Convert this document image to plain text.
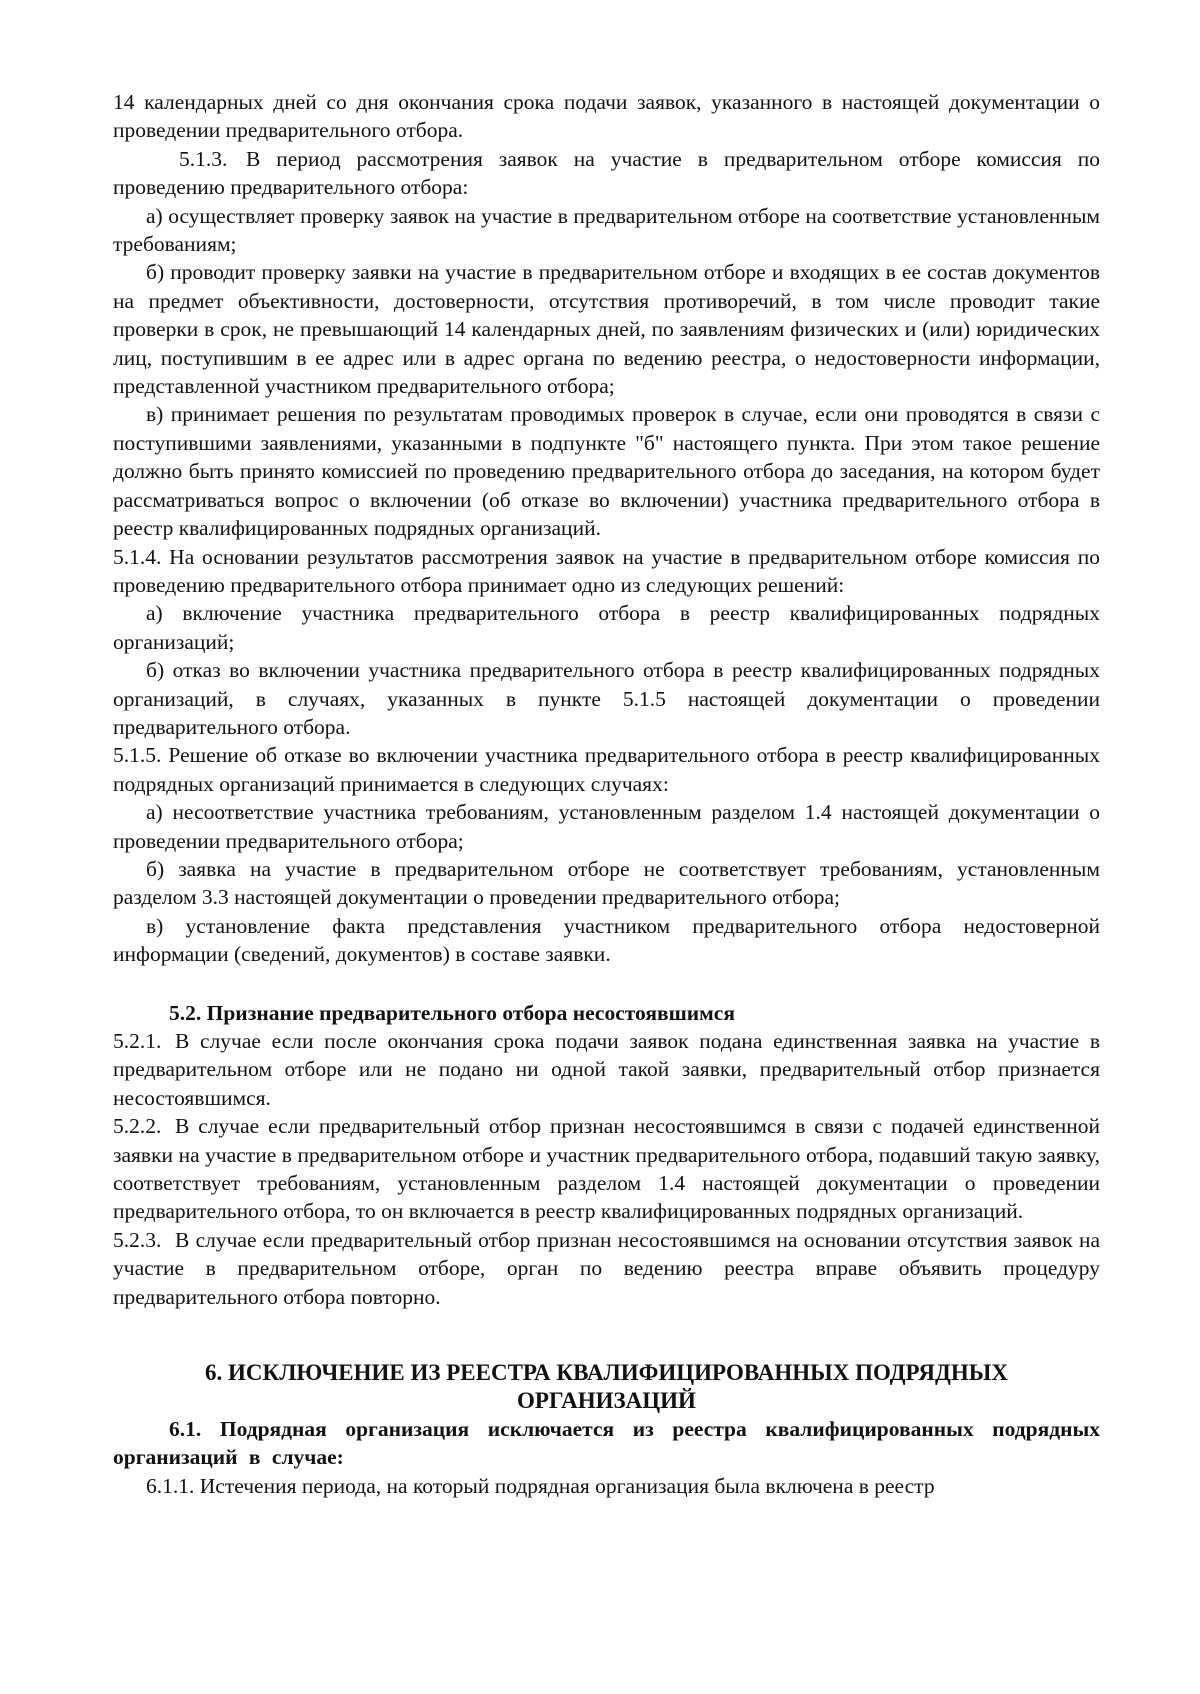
14 календарных дней со дня окончания срока подачи заявок, указанного в настоящей документации о проведении предварительного отбора.

5.1.3. В период рассмотрения заявок на участие в предварительном отборе комиссия по проведению предварительного отбора:

а) осуществляет проверку заявок на участие в предварительном отборе на соответствие установленным требованиям;

б) проводит проверку заявки на участие в предварительном отборе и входящих в ее состав документов на предмет объективности, достоверности, отсутствия противоречий, в том числе проводит такие проверки в срок, не превышающий 14 календарных дней, по заявлениям физических и (или) юридических лиц, поступившим в ее адрес или в адрес органа по ведению реестра, о недостоверности информации, представленной участником предварительного отбора;

в) принимает решения по результатам проводимых проверок в случае, если они проводятся в связи с поступившими заявлениями, указанными в подпункте "б" настоящего пункта. При этом такое решение должно быть принято комиссией по проведению предварительного отбора до заседания, на котором будет рассматриваться вопрос о включении (об отказе во включении) участника предварительного отбора в реестр квалифицированных подрядных организаций.

5.1.4. На основании результатов рассмотрения заявок на участие в предварительном отборе комиссия по проведению предварительного отбора принимает одно из следующих решений:

а) включение участника предварительного отбора в реестр квалифицированных подрядных организаций;

б) отказ во включении участника предварительного отбора в реестр квалифицированных подрядных организаций, в случаях, указанных в пункте 5.1.5 настоящей документации о проведении предварительного отбора.

5.1.5. Решение об отказе во включении участника предварительного отбора в реестр квалифицированных подрядных организаций принимается в следующих случаях:

а) несоответствие участника требованиям, установленным разделом 1.4 настоящей документации о проведении предварительного отбора;

б) заявка на участие в предварительном отборе не соответствует требованиям, установленным разделом 3.3 настоящей документации о проведении предварительного отбора;

в) установление факта представления участником предварительного отбора недостоверной информации (сведений, документов) в составе заявки.

5.2. Признание предварительного отбора несостоявшимся

5.2.1. В случае если после окончания срока подачи заявок подана единственная заявка на участие в предварительном отборе или не подано ни одной такой заявки, предварительный отбор признается несостоявшимся.

5.2.2. В случае если предварительный отбор признан несостоявшимся в связи с подачей единственной заявки на участие в предварительном отборе и участник предварительного отбора, подавший такую заявку, соответствует требованиям, установленным разделом 1.4 настоящей документации о проведении предварительного отбора, то он включается в реестр квалифицированных подрядных организаций.

5.2.3. В случае если предварительный отбор признан несостоявшимся на основании отсутствия заявок на участие в предварительном отборе, орган по ведению реестра вправе объявить процедуру предварительного отбора повторно.

6. ИСКЛЮЧЕНИЕ ИЗ РЕЕСТРА КВАЛИФИЦИРОВАННЫХ ПОДРЯДНЫХ

ОРГАНИЗАЦИЙ

6.1. Подрядная организация исключается из реестра квалифицированных подрядных организаций в случае:

6.1.1. Истечения периода, на который подрядная организация была включена в реестр
